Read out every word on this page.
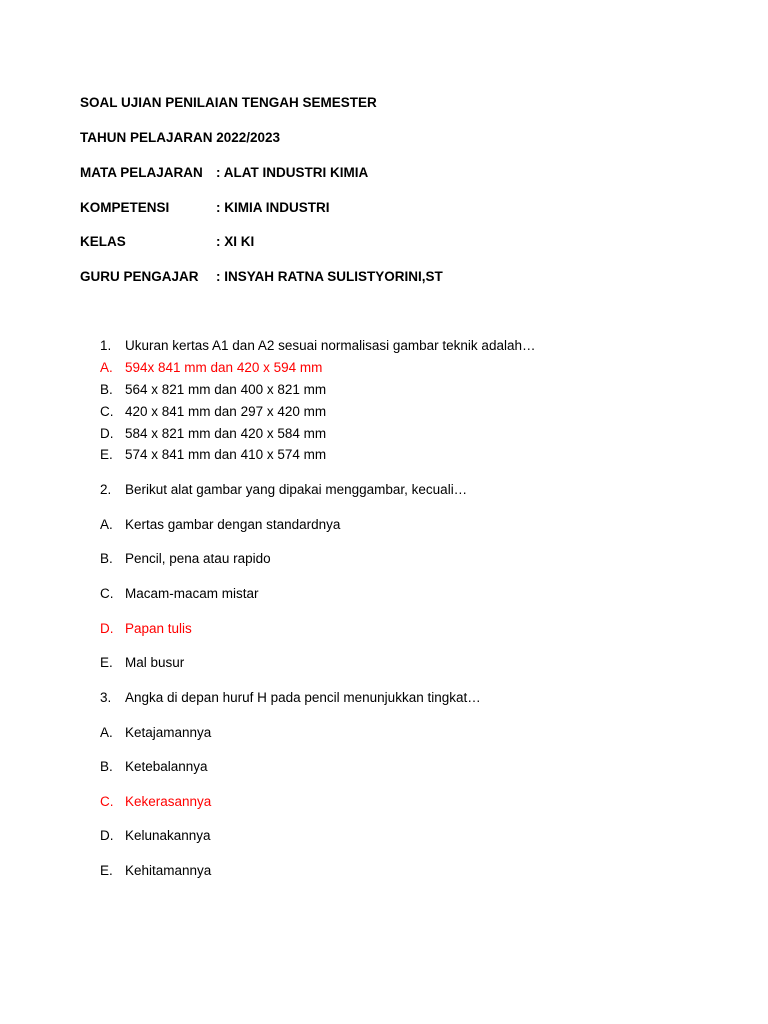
SOAL UJIAN PENILAIAN TENGAH SEMESTER
TAHUN PELAJARAN 2022/2023
MATA PELAJARAN : ALAT INDUSTRI KIMIA
KOMPETENSI	: KIMIA INDUSTRI
KELAS	: XI KI
GURU PENGAJAR : INSYAH RATNA SULISTYORINI,ST
1.	Ukuran kertas A1 dan A2 sesuai normalisasi gambar teknik adalah…
A. 594x 841 mm dan 420 x 594 mm
B. 564 x 821 mm dan 400 x 821 mm
C. 420 x 841 mm dan 297 x 420 mm
D. 584 x 821 mm dan 420 x 584 mm
E. 574 x 841 mm dan 410 x 574 mm
2.	Berikut alat gambar yang dipakai menggambar, kecuali…
A. Kertas gambar dengan standardnya
B. Pencil, pena atau rapido
C. Macam-macam mistar
D. Papan tulis
E. Mal busur
3.	Angka di depan huruf H pada pencil menunjukkan tingkat…
A. Ketajamannya
B. Ketebalannya
C. Kekerasannya
D. Kelunakannya
E. Kehitamannya
